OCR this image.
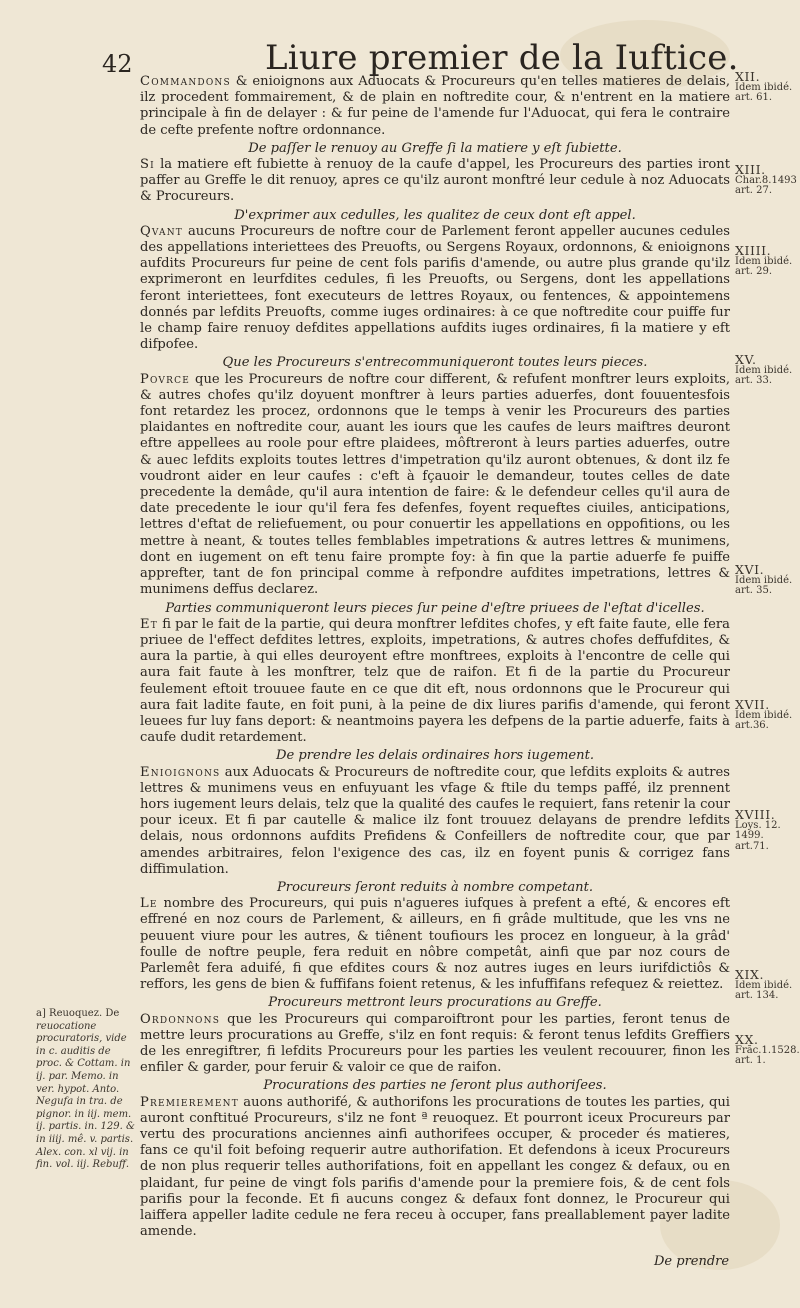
42	Liure premier de la Iuftice.

Commandons & enioignons aux Aduocats & Procureurs qu'en telles matieres de delais, ilz procedent fommairement, & de plain en noftredite cour, & n'entrent en la matiere principale à fin de delayer : & fur peine de l'amende fur l'Aduocat, qui fera le contraire de cefte prefente noftre ordonnance.

De paſſer le renuoy au Greffe ſi la matiere y eſt ſubiette.

Si la matiere eft fubiette à renuoy de la caufe d'appel, les Procureurs des parties iront paffer au Greffe le dit renuoy, apres ce qu'ilz auront monftré leur cedule à noz Aduocats & Procureurs.

D'exprimer aux cedulles, les qualitez de ceux dont eſt appel.

Qvant aucuns Procureurs de noftre cour de Parlement feront appeller aucunes cedules des appellations interiettees des Preuofts, ou Sergens Royaux, ordonnons, & enioignons aufdits Procureurs fur peine de cent fols parifis d'amende, ou autre plus grande qu'ilz exprimeront en leurfdites cedules, fi les Preuofts, ou Sergens, dont les appellations feront interiettees, font executeurs de lettres Royaux, ou fentences, & appointemens donnés par lefdits Preuofts, comme iuges ordinaires: à ce que noftredite cour puiffe fur le champ faire renuoy defdites appellations aufdits iuges ordinaires, fi la matiere y eft difpofee.

Que les Procureurs s'entrecommuniqueront toutes leurs pieces.

Povrce que les Procureurs de noftre cour different, & refufent monftrer leurs exploits, & autres chofes qu'ilz doyuent monftrer à leurs parties aduerfes, dont fouuentesfois font retardez les procez, ordonnons que le temps à venir les Procureurs des parties plaidantes en noftredite cour, auant les iours que les caufes de leurs maiftres deuront eftre appellees au roole pour eftre plaidees, môftreront à leurs parties aduerfes, outre & auec lefdits exploits toutes lettres d'impetration qu'ilz auront obtenues, & dont ilz fe voudront aider en leur caufes : c'eft à fçauoir le demandeur, toutes celles de date precedente la demâde, qu'il aura intention de faire: & le defendeur celles qu'il aura de date precedente le iour qu'il fera fes defenfes, foyent requeftes ciuiles, anticipations, lettres d'eftat de reliefuement, ou pour conuertir les appellations en oppofitions, ou les mettre à neant, & toutes telles femblables impetrations & autres lettres & munimens, dont en iugement on eft tenu faire prompte foy: à fin que la partie aduerfe fe puiffe apprefter, tant de fon principal comme à refpondre aufdites impetrations, lettres & munimens deffus declarez.

Parties communiqueront leurs pieces ſur peine d'eſtre priuees de l'eſtat d'icelles.

Et fi par le fait de la partie, qui deura monftrer lefdites chofes, y eft faite faute, elle fera priuee de l'effect defdites lettres, exploits, impetrations, & autres chofes deffufdites, & aura la partie, à qui elles deuroyent eftre monftrees, exploits à l'encontre de celle qui aura fait faute à les monftrer, telz que de raifon. Et fi de la partie du Procureur feulement eftoit trouuee faute en ce que dit eft, nous ordonnons que le Procureur qui aura fait ladite faute, en foit puni, à la peine de dix liures parifis d'amende, qui feront leuees fur luy fans deport: & neantmoins payera les defpens de la partie aduerfe, faits à caufe dudit retardement.

De prendre les delais ordinaires hors iugement.

Enioignons aux Aduocats & Procureurs de noftredite cour, que lefdits exploits & autres lettres & munimens veus en enfuyuant les vfage & ftile du temps paffé, ilz prennent hors iugement leurs delais, telz que la qualité des caufes le requiert, fans retenir la cour pour iceux. Et fi par cautelle & malice ilz font trouuez delayans de prendre lefdits delais, nous ordonnons aufdits Prefidens & Confeillers de noftredite cour, que par amendes arbitraires, felon l'exigence des cas, ilz en foyent punis & corrigez fans diffimulation.

Procureurs ſeront reduits à nombre competant.

Le nombre des Procureurs, qui puis n'agueres iufques à prefent a efté, & encores eft effrené en noz cours de Parlement, & ailleurs, en fi grâde multitude, que les vns ne peuuent viure pour les autres, & tiênent toufiours les procez en longueur, à la grâd' foulle de noftre peuple, fera reduit en nôbre competât, ainfi que par noz cours de Parlemêt fera aduifé, fi que efdites cours & noz autres iuges en leurs iurifdictiôs & reffors, les gens de bien & fuffifans foient retenus, & les infuffifans refequez & reiettez.

Procureurs mettront leurs procurations au Greffe.

Ordonnons que les Procureurs qui comparoiftront pour les parties, feront tenus de mettre leurs procurations au Greffe, s'ilz en font requis: & feront tenus lefdits Greffiers de les enregiftrer, fi lefdits Procureurs pour les parties les veulent recouurer, finon les enfiler & garder, pour feruir & valoir ce que de raifon.

Procurations des parties ne ſeront plus authoriſees.

Premierement auons authorifé, & authorifons les procurations de toutes les parties, qui auront conftitué Procureurs, s'ilz ne font ª reuoquez. Et pourront iceux Procureurs par vertu des procurations anciennes ainfi authorifees occuper, & proceder és matieres, fans ce qu'il foit befoing requerir autre authorifation. Et defendons à iceux Procureurs de non plus requerir telles authorifations, foit en appellant les congez & defaux, ou en plaidant, fur peine de vingt fols parifis d'amende pour la premiere fois, & de cent fols parifis pour la feconde. Et fi aucuns congez & defaux font donnez, le Procureur qui laiffera appeller ladite cedule ne fera receu à occuper, fans preallablement payer ladite amende.

XII.
Idem ibidé. art. 61.
XIII.
Char.8.1493 art. 27.
XIIII.
Idem ibidé. art. 29.
XV.
Idem ibidé. art. 33.
XVI.
Idem ibidé. art. 35.
XVII.
Idem ibidé. art.36.
XVIII.
Loys. 12. 1499. art.71.
XIX.
Idem ibidé. art. 134.
XX.
Frãc.1.1528. art. 1.
a] Reuoquez. De reuocatione procuratoris, vide in c. auditis de proc. & Cottam. in ij. par. Memo. in ver. hypot. Anto. Negufa in tra. de pignor. in iij. mem. ij. partis. in. 129. & in iiij. mê. v. partis. Alex. con. xl vij. in fin. vol. iij. Rebuff.
De prendre
